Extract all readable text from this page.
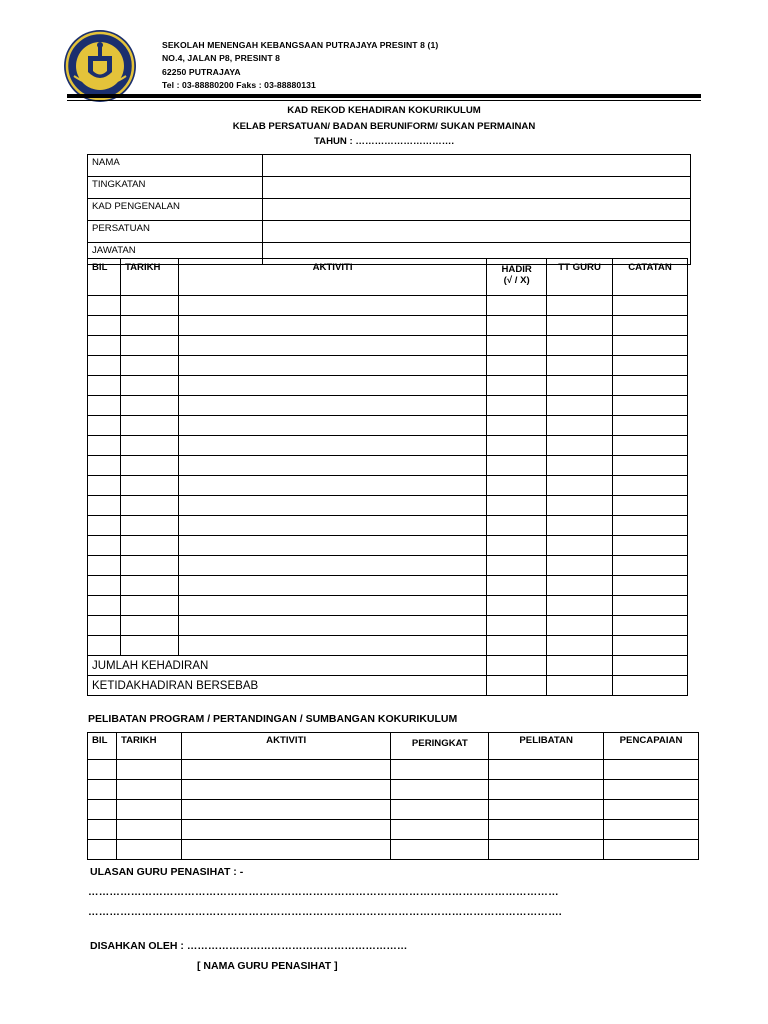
SEKOLAH MENENGAH KEBANGSAAN PUTRAJAYA PRESINT 8 (1)
NO.4, JALAN P8, PRESINT 8
62250 PUTRAJAYA
Tel : 03-88880200 Faks : 03-88880131
KAD REKOD KEHADIRAN KOKURIKULUM
KELAB PERSATUAN/ BADAN BERUNIFORM/ SUKAN PERMAINAN
TAHUN : ………………………….
NAMA	
TINGKATAN	
KAD PENGENALAN	
PERSATUAN	
JAWATAN	
BIL	TARIKH	AKTIVITI	HADIR
(√ / X)	TT GURU	CATATAN

JUMLAH KEHADIRAN					
KETIDAKHADIRAN BERSEBAB					
PELIBATAN PROGRAM / PERTANDINGAN / SUMBANGAN KOKURIKULUM
BIL	TARIKH	AKTIVITI	PERINGKAT	PELIBATAN	PENCAPAIAN

ULASAN GURU PENASIHAT : -
……………………………………………………………………………………………………………………
…………………………………………………………………………………………………………………….
DISAHKAN OLEH : ………………………………………………………
[ NAMA GURU PENASIHAT ]
